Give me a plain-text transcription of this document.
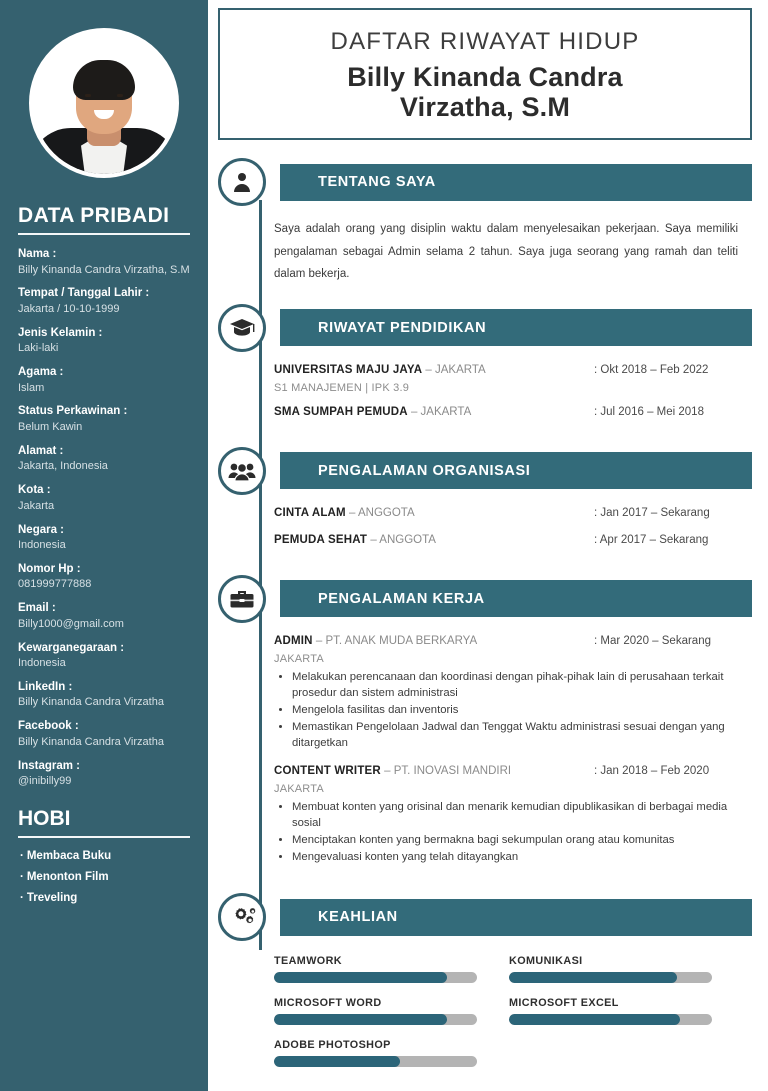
DATA PRIBADI
Nama :
Billy Kinanda Candra Virzatha, S.M
Tempat / Tanggal Lahir :
Jakarta / 10-10-1999
Jenis Kelamin :
Laki-laki
Agama :
Islam
Status Perkawinan :
Belum Kawin
Alamat :
Jakarta, Indonesia
Kota :
Jakarta
Negara :
Indonesia
Nomor Hp :
081999777888
Email :
Billy1000@gmail.com
Kewarganegaraan :
Indonesia
LinkedIn :
Billy Kinanda Candra Virzatha
Facebook :
Billy Kinanda Candra Virzatha
Instagram :
@inibilly99
HOBI
· Membaca Buku
· Menonton Film
· Treveling
DAFTAR RIWAYAT HIDUP
Billy Kinanda Candra
Virzatha, S.M
TENTANG SAYA

Saya adalah orang yang disiplin waktu dalam menyelesaikan pekerjaan. Saya memiliki pengalaman sebagai Admin selama 2 tahun. Saya juga seorang yang ramah dan teliti dalam bekerja.

RIWAYAT PENDIDIKAN
UNIVERSITAS MAJU JAYA – JAKARTA	: Okt 2018 – Feb 2022
S1 MANAJEMEN | IPK 3.9
SMA SUMPAH PEMUDA – JAKARTA	: Jul 2016 – Mei 2018
PENGALAMAN ORGANISASI
CINTA ALAM – ANGGOTA	: Jan 2017 – Sekarang
PEMUDA SEHAT – ANGGOTA	: Apr 2017 – Sekarang
PENGALAMAN KERJA
ADMIN – PT. ANAK MUDA BERKARYA	: Mar 2020 – Sekarang
JAKARTA
• Melakukan perencanaan dan koordinasi dengan pihak-pihak lain di perusahaan terkait prosedur dan sistem administrasi
• Mengelola fasilitas dan inventoris
• Memastikan Pengelolaan Jadwal dan Tenggat Waktu administrasi sesuai dengan yang ditargetkan
CONTENT WRITER – PT. INOVASI MANDIRI	: Jan 2018 – Feb 2020
JAKARTA
• Membuat konten yang orisinal dan menarik kemudian dipublikasikan di berbagai media sosial
• Menciptakan konten yang bermakna bagi sekumpulan orang atau komunitas
• Mengevaluasi konten yang telah ditayangkan
KEAHLIAN
TEAMWORK	KOMUNIKASI
MICROSOFT WORD	MICROSOFT EXCEL
ADOBE PHOTOSHOP
